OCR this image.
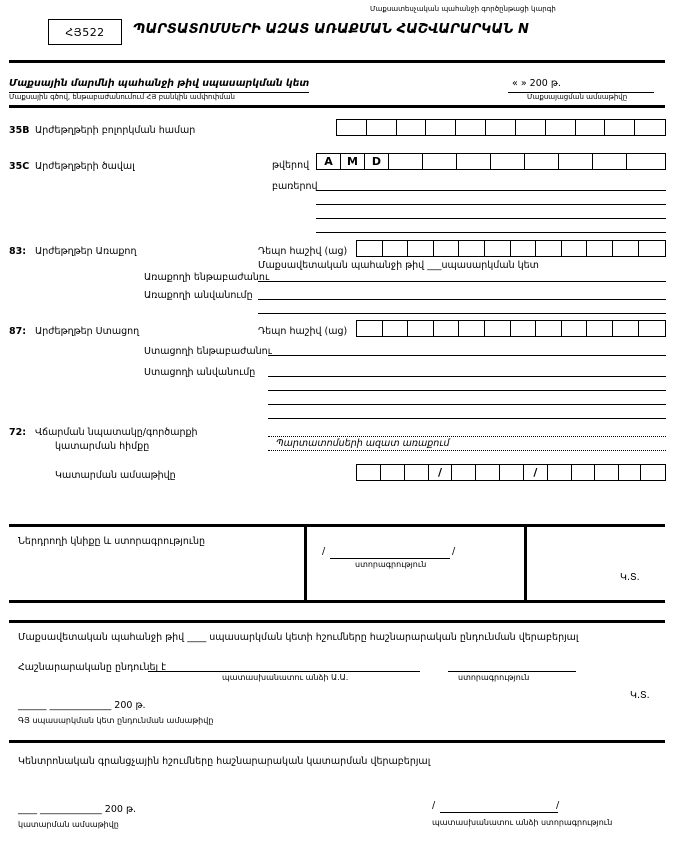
Մաքսատեսչական պահանջի գործընթացի կարգի
ՀՅ522	ՊԱՐՏԱՏՈՄՍԵՐԻ ԱԶԱՏ ԱՌԱՔՄԱՆ ՀԱՇՎԱՐԱՐԿԱՆ N
Մաքսային մարմնի պահանջի թիվ սպասարկման կետ
Մաքսային գծով, ենթաբաժանումում ՀՅ բանկին ամփոփման
« » 200 թ.
Մաքսայացման ամսաթիվը
35B Արժեթղթերի բոլորկման համար
35C Արժեթղթերի ծավալ	թվերով	A	M	D
բառերով
83: Արժեթղթեր Առաքող	Դեպո հաշիվ (աց)
Մաքսավետական պահանջի թիվ ___սպասարկման կետ
Առաքողի ենթաբաժանու
Առաքողի անվանումը
87: Արժեթղթեր Ստացող	Դեպո հաշիվ (աց)
Ստացողի ենթաբաժանու
Ստացողի անվանումը
72: Վճարման նպատակը/գործարքի
կատարման հիմքը	Պարտատոմսերի ազատ առաքում
Կատարման ամսաթիվը	/	/
Ներդրողի կնիքը և ստորագրությունը
/	/
ստորագրություն
Կ.Տ.
Մաքսավետական պահանջի թիվ ____ սպասարկման կետի հշումները հաշնարարական ընդունման վերաբերյալ
Հաշնարարականը ընդունել է
պատասխանատու անձի Ա.Ա.	ստորագրություն
______ _____________ 200 թ.
ԳՅ սպասարկման կետ ընդունման ամսաթիվը
Կ.Տ.
Կենտրոնական գրանցչային հշումները հաշնարարական կատարման վերաբերյալ
____ _____________ 200 թ.
կատարման ամսաթիվը
/	/
պատասխանատու անձի ստորագրություն
